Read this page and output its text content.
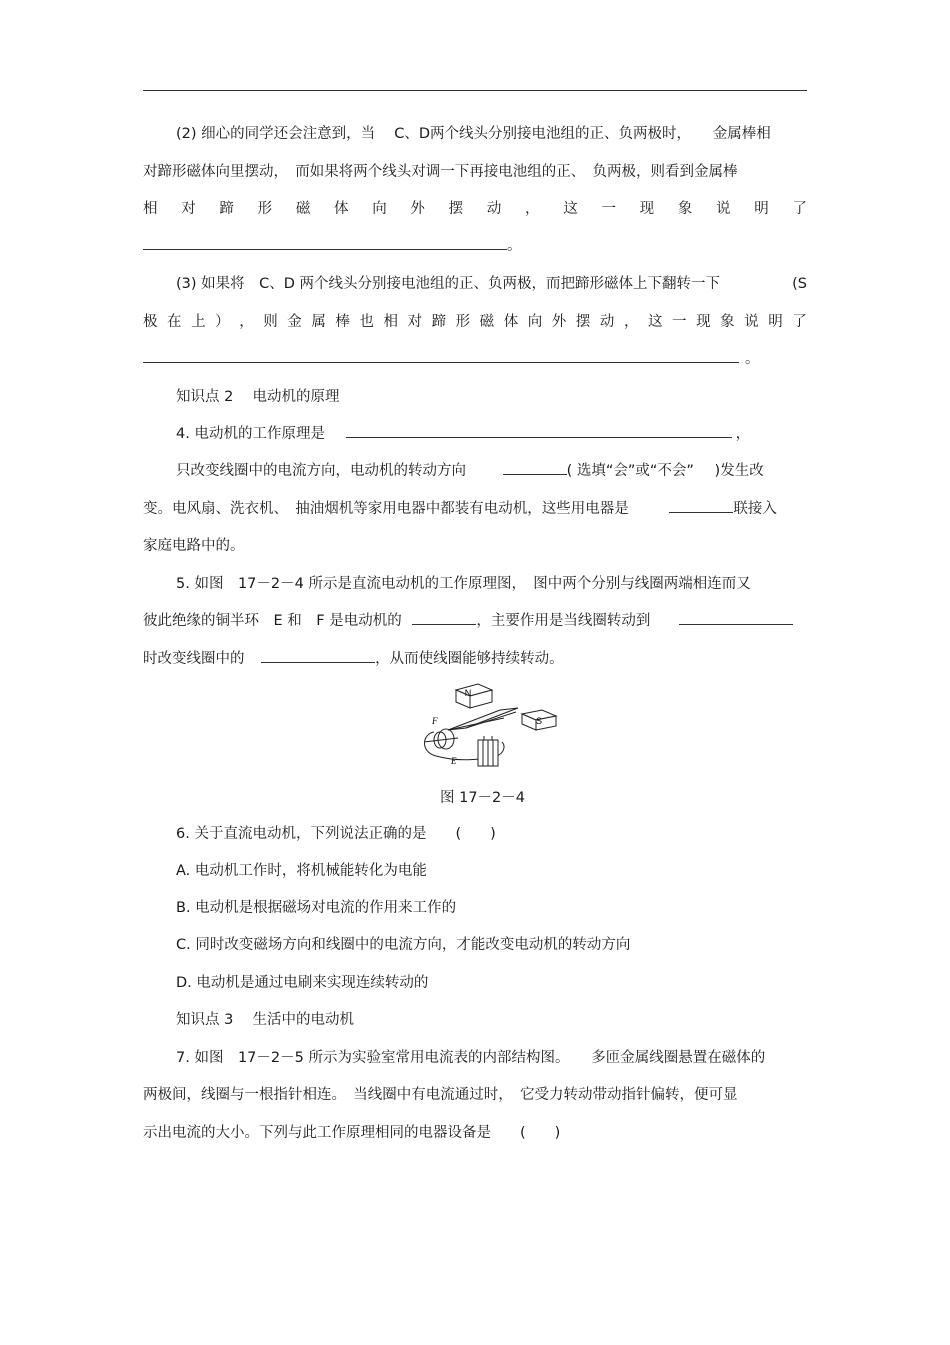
(2) 细心的同学还会注意到，当　 C、D两个线头分别接电池组的正、负两极时，　　金属棒相
对蹄形磁体向里摆动，　而如果将两个线头对调一下再接电池组的正、　负两极，则看到金属棒
相 对 蹄 形 磁 体 向 外 摆 动 ， 这 一 现 象 说 明 了
。
(3) 如果将　C、D 两个线头分别接电池组的正、负两极，而把蹄形磁体上下翻转一下	(S
极 在 上 ） ， 则 金 属 棒 也 相 对 蹄 形 磁 体 向 外 摆 动 ， 这 一 现 象 说 明 了
。
知识点 2　 电动机的原理
4. 电动机的工作原理是	，
只改变线圈中的电流方向，电动机的转动方向	( 选填“会”或“不会” )发生改
变。电风扇、洗衣机、　抽油烟机等家用电器中都装有电动机，这些用电器是	联接入
家庭电路中的。
5. 如图　17－2－4 所示是直流电动机的工作原理图，　图中两个分别与线圈两端相连而又
彼此绝缘的铜半环　E 和　F 是电动机的	，主要作用是当线圈转动到
时改变线圈中的	，从而使线圈能够持续转动。
N
S
F
E
图 17－2－4
6. 关于直流电动机，下列说法正确的是　　(　　)
A. 电动机工作时，将机械能转化为电能
B. 电动机是根据磁场对电流的作用来工作的
C. 同时改变磁场方向和线圈中的电流方向，才能改变电动机的转动方向
D. 电动机是通过电刷来实现连续转动的
知识点 3　 生活中的电动机
7. 如图　17－2－5 所示为实验室常用电流表的内部结构图。　　多匝金属线圈悬置在磁体的
两极间，线圈与一根指针相连。　当线圈中有电流通过时，　它受力转动带动指针偏转，便可显
示出电流的大小。下列与此工作原理相同的电器设备是　　(　　)
